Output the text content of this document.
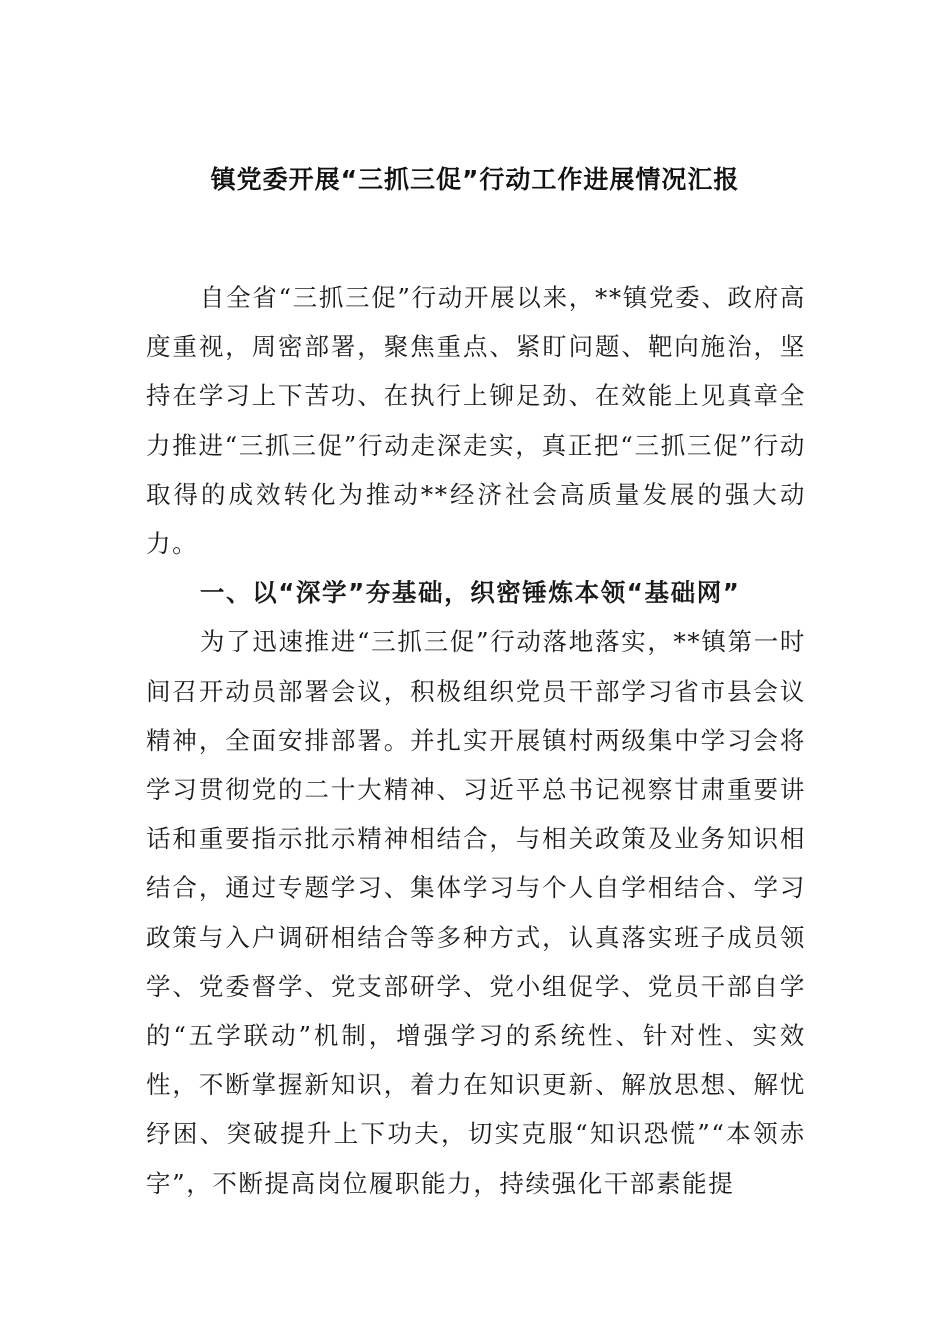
镇党委开展“三抓三促”行动工作进展情况汇报

自全省“三抓三促”行动开展以来，**镇党委、政府高度重视，周密部署，聚焦重点、紧盯问题、靶向施治，坚持在学习上下苦功、在执行上铆足劲、在效能上见真章全力推进“三抓三促”行动走深走实，真正把“三抓三促”行动取得的成效转化为推动**经济社会高质量发展的强大动力。

一、以“深学”夯基础，织密锤炼本领“基础网”

为了迅速推进“三抓三促”行动落地落实，**镇第一时间召开动员部署会议，积极组织党员干部学习省市县会议精神，全面安排部署。并扎实开展镇村两级集中学习会将学习贯彻党的二十大精神、习近平总书记视察甘肃重要讲话和重要指示批示精神相结合，与相关政策及业务知识相结合，通过专题学习、集体学习与个人自学相结合、学习政策与入户调研相结合等多种方式，认真落实班子成员领学、党委督学、党支部研学、党小组促学、党员干部自学的“五学联动”机制，增强学习的系统性、针对性、实效性，不断掌握新知识，着力在知识更新、解放思想、解忧纾困、突破提升上下功夫，切实克服“知识恐慌”“本领赤字”，不断提高岗位履职能力，持续强化干部素能提
